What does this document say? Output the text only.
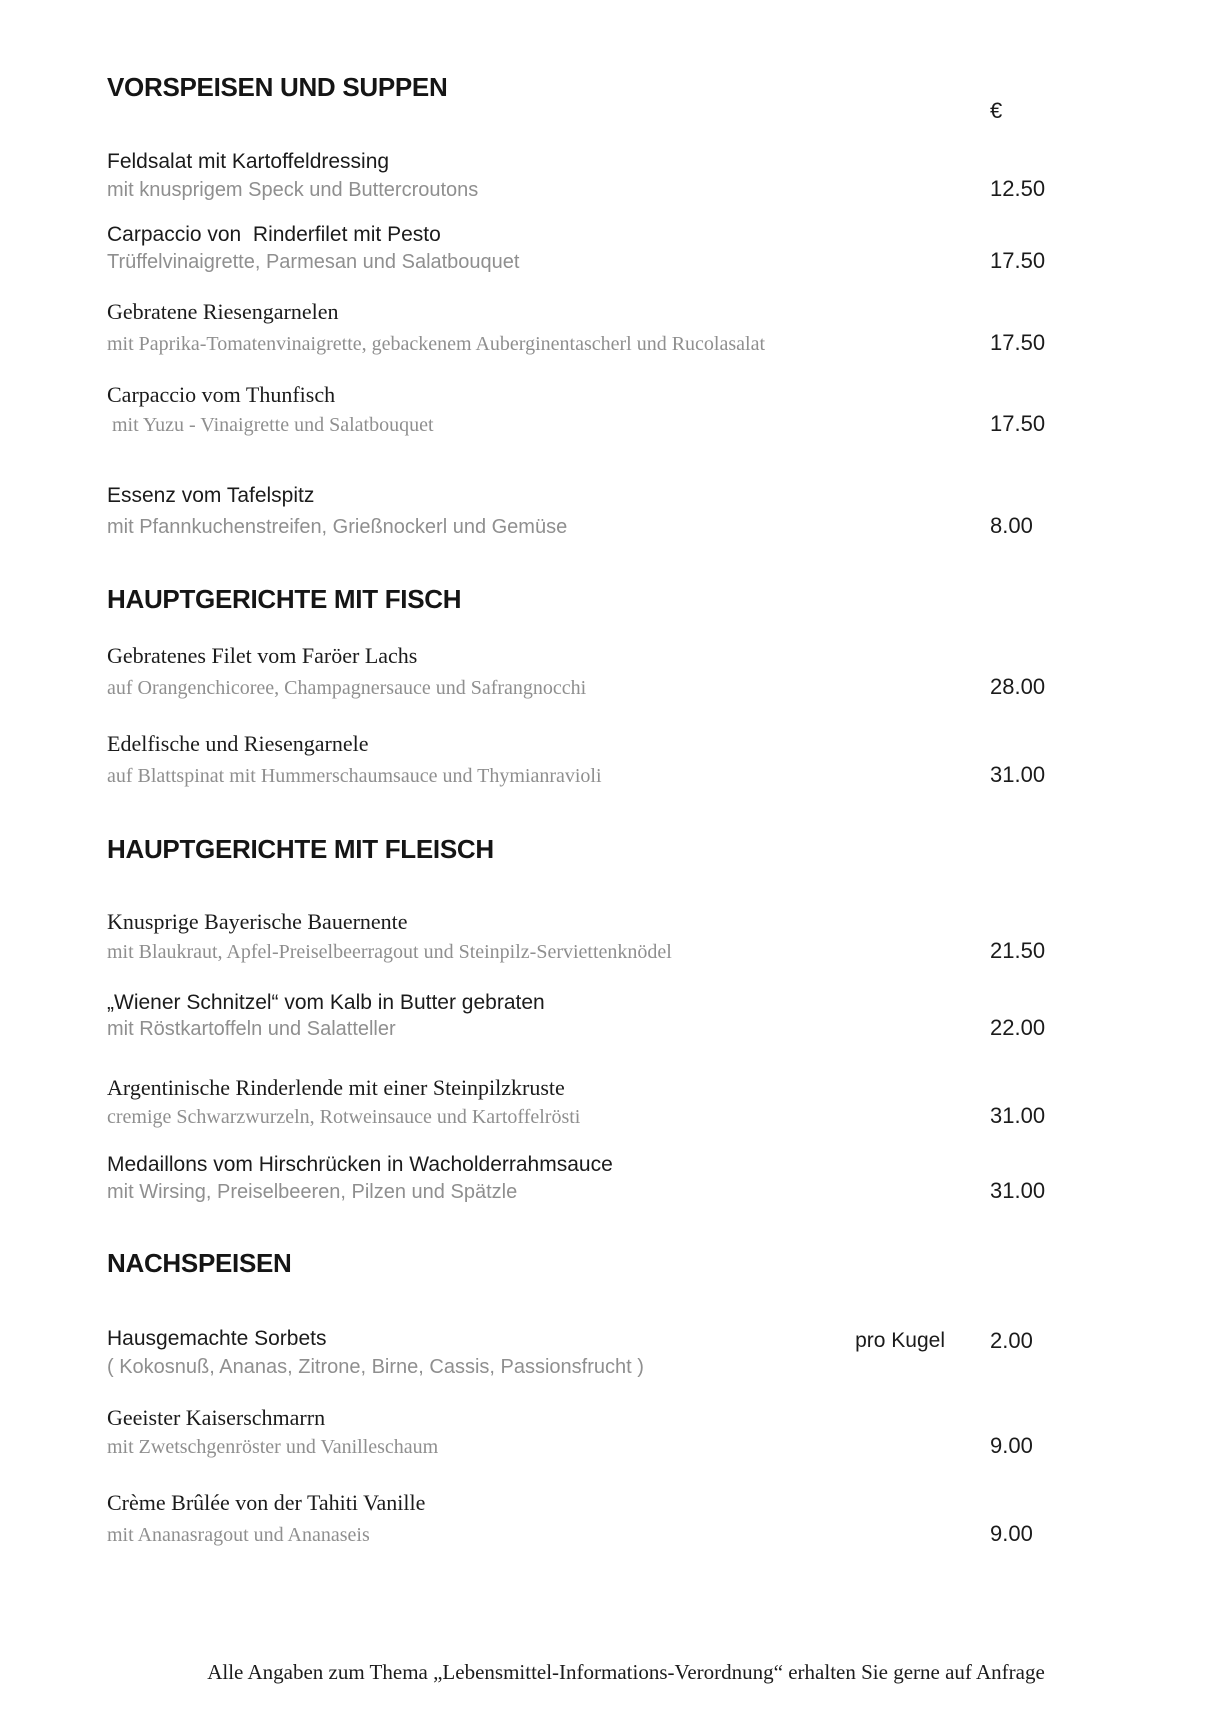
VORSPEISEN UND SUPPEN
€
Feldsalat mit Kartoffeldressing
mit knusprigem Speck und Buttercroutons	12.50
Carpaccio von  Rinderfilet mit Pesto
Trüffelvinaigrette, Parmesan und Salatbouquet	17.50
Gebratene Riesengarnelen
mit Paprika-Tomatenvinaigrette, gebackenem Auberginentascherl und Rucolasalat	17.50
Carpaccio vom Thunfisch
mit Yuzu - Vinaigrette und Salatbouquet	17.50
Essenz vom Tafelspitz
mit Pfannkuchenstreifen, Grießnockerl und Gemüse	8.00
HAUPTGERICHTE MIT FISCH
Gebratenes Filet vom Faröer Lachs
auf Orangenchicoree, Champagnersauce und Safrangnocchi	28.00
Edelfische und Riesengarnele
auf Blattspinat mit Hummerschaumsauce und Thymianravioli	31.00
HAUPTGERICHTE MIT FLEISCH
Knusprige Bayerische Bauernente
mit Blaukraut, Apfel-Preiselbeerragout und Steinpilz-Serviettenknödel	21.50
„Wiener Schnitzel“ vom Kalb in Butter gebraten
mit Röstkartoffeln und Salatteller	22.00
Argentinische Rinderlende mit einer Steinpilzkruste
cremige Schwarzwurzeln, Rotweinsauce und Kartoffelrösti	31.00
Medaillons vom Hirschrücken in Wacholderrahmsauce
mit Wirsing, Preiselbeeren, Pilzen und Spätzle	31.00
NACHSPEISEN
Hausgemachte Sorbets	pro Kugel 2.00
( Kokosnuß, Ananas, Zitrone, Birne, Cassis, Passionsfrucht )
Geeister Kaiserschmarrn
mit Zwetschgenröster und Vanilleschaum	9.00
Crème Brûlée von der Tahiti Vanille
mit Ananasragout und Ananaseis	9.00
Alle Angaben zum Thema „Lebensmittel-Informations-Verordnung“ erhalten Sie gerne auf Anfrage
